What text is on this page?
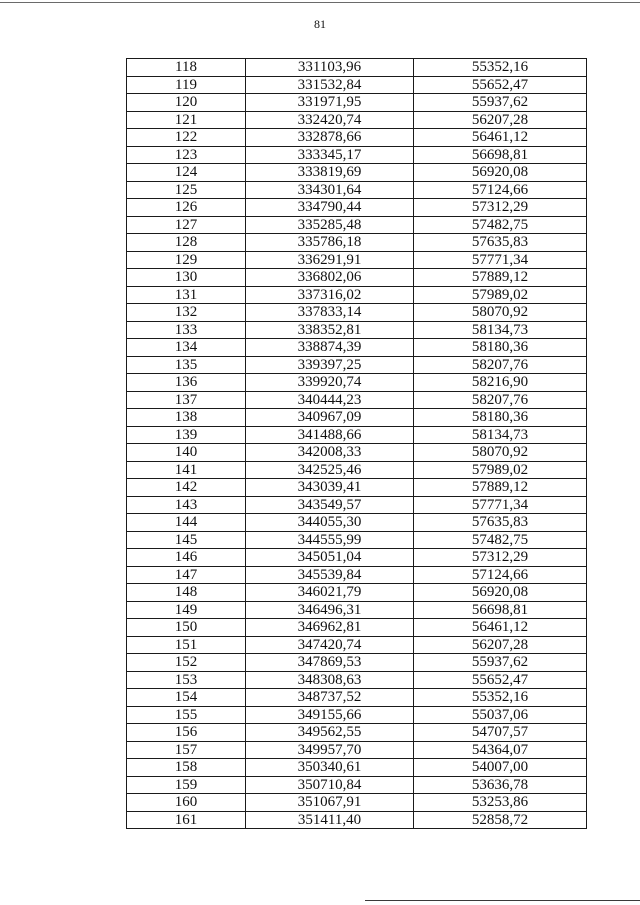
81
118	331103,96	55352,16
119	331532,84	55652,47
120	331971,95	55937,62
121	332420,74	56207,28
122	332878,66	56461,12
123	333345,17	56698,81
124	333819,69	56920,08
125	334301,64	57124,66
126	334790,44	57312,29
127	335285,48	57482,75
128	335786,18	57635,83
129	336291,91	57771,34
130	336802,06	57889,12
131	337316,02	57989,02
132	337833,14	58070,92
133	338352,81	58134,73
134	338874,39	58180,36
135	339397,25	58207,76
136	339920,74	58216,90
137	340444,23	58207,76
138	340967,09	58180,36
139	341488,66	58134,73
140	342008,33	58070,92
141	342525,46	57989,02
142	343039,41	57889,12
143	343549,57	57771,34
144	344055,30	57635,83
145	344555,99	57482,75
146	345051,04	57312,29
147	345539,84	57124,66
148	346021,79	56920,08
149	346496,31	56698,81
150	346962,81	56461,12
151	347420,74	56207,28
152	347869,53	55937,62
153	348308,63	55652,47
154	348737,52	55352,16
155	349155,66	55037,06
156	349562,55	54707,57
157	349957,70	54364,07
158	350340,61	54007,00
159	350710,84	53636,78
160	351067,91	53253,86
161	351411,40	52858,72
